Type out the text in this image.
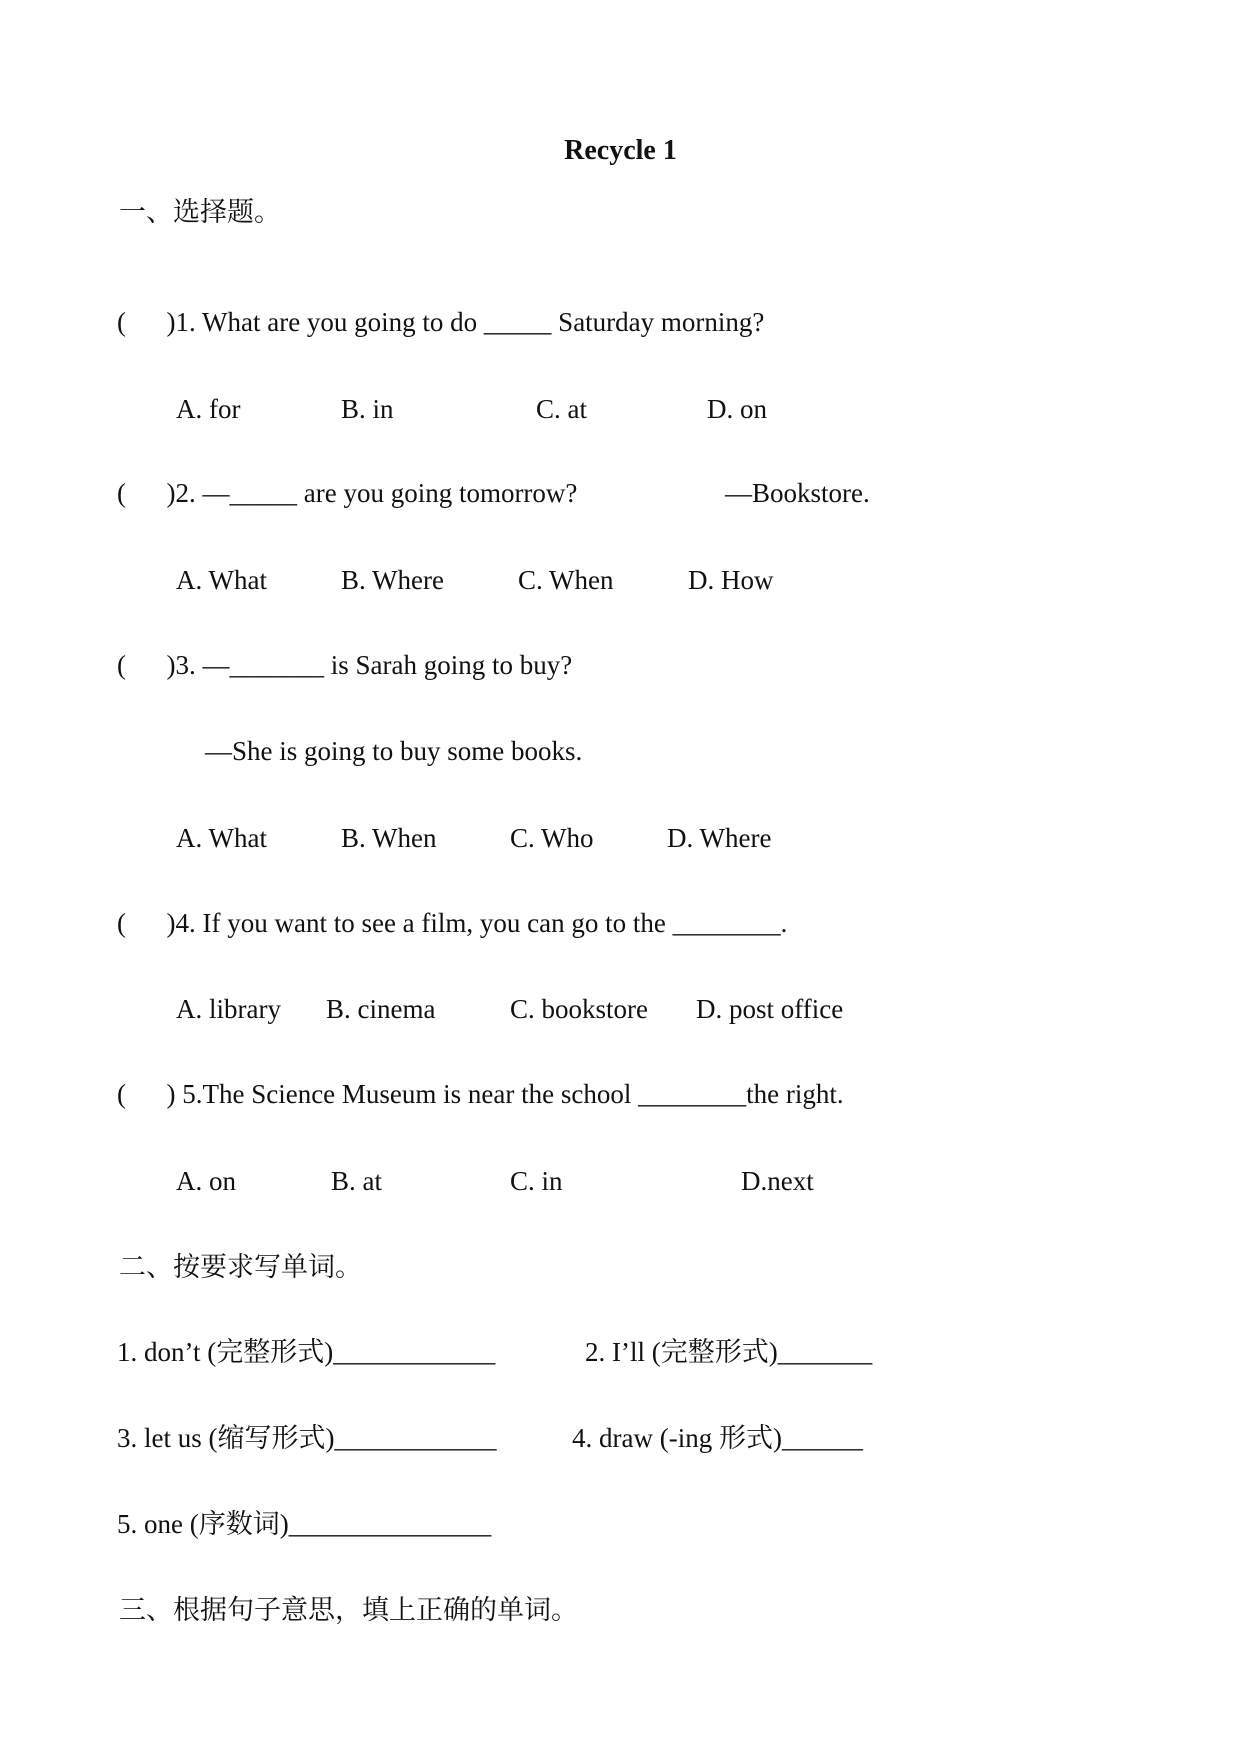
Recycle 1
一、选择题。
(      )1. What are you going to do _____ Saturday morning?
A. for	B. in	C. at	D. on
(      )2. —_____ are you going tomorrow?	—Bookstore.
A. What	B. Where	C. When	D. How
(      )3. —_______ is Sarah going to buy?
—She is going to buy some books.
A. What	B. When	C. Who	D. Where
(      )4. If you want to see a film, you can go to the ________.
A. library B. cinema	C. bookstore D. post office
(      ) 5.The Science Museum is near the school ________the right.
A. on	B. at	C. in	D.next
二、按要求写单词。
1. don’t (完整形式)____________	2. I’ll (完整形式)_______
3. let us (缩写形式)____________	4. draw (-ing 形式)______
5. one (序数词)_______________
三、根据句子意思，填上正确的单词。
